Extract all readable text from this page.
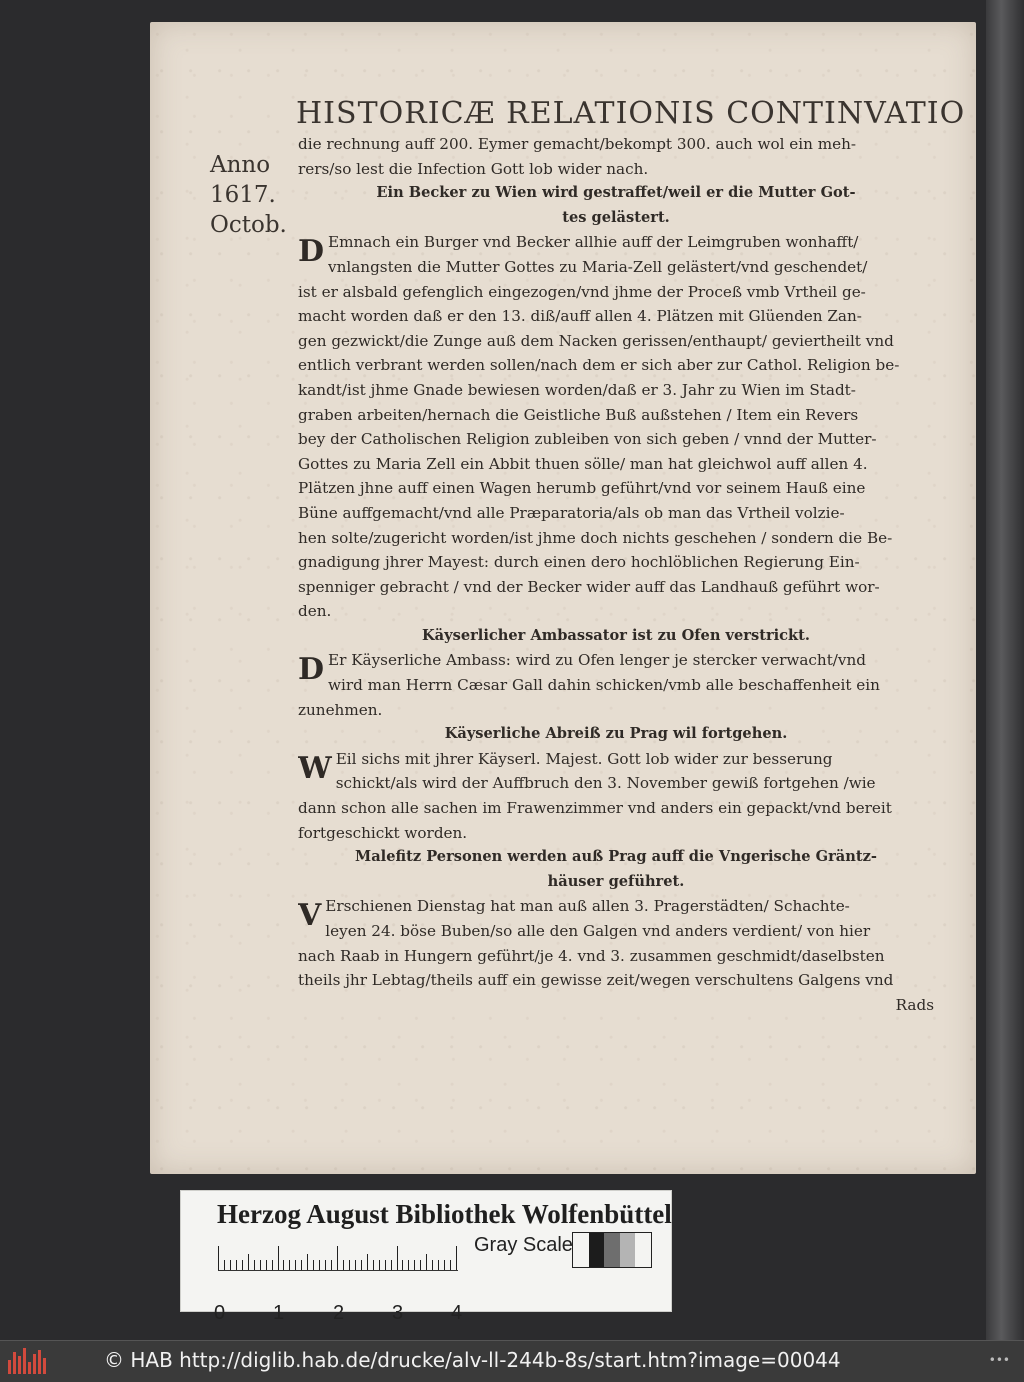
HISTORICÆ RELATIONIS CONTINVATIO
Anno
1617.
Octob.
die rechnung auff 200. Eymer gemacht/bekompt 300. auch wol ein meh-
rers/so lest die Infection Gott lob wider nach.
Ein Becker zu Wien wird gestraffet/weil er die Mutter Got-
tes gelästert.
D Emnach ein Burger vnd Becker allhie auff der Leimgruben wonhafft/
vnlangsten die Mutter Gottes zu Maria-Zell gelästert/vnd geschendet/
ist er alsbald gefenglich eingezogen/vnd jhme der Proceß vmb Vrtheil ge-
macht worden daß er den 13. diß/auff allen 4. Plätzen mit Glüenden Zan-
gen gezwickt/die Zunge auß dem Nacken gerissen/enthaupt/ geviertheilt vnd
entlich verbrant werden sollen/nach dem er sich aber zur Cathol. Religion be-
kandt/ist jhme Gnade bewiesen worden/daß er 3. Jahr zu Wien im Stadt-
graben arbeiten/hernach die Geistliche Buß außstehen / Item ein Revers
bey der Catholischen Religion zubleiben von sich geben / vnnd der Mutter-
Gottes zu Maria Zell ein Abbit thuen sölle/ man hat gleichwol auff allen 4.
Plätzen jhne auff einen Wagen herumb geführt/vnd vor seinem Hauß eine
Büne auffgemacht/vnd alle Præparatoria/als ob man das Vrtheil volzie-
hen solte/zugericht worden/ist jhme doch nichts geschehen / sondern die Be-
gnadigung jhrer Mayest: durch einen dero hochlöblichen Regierung Ein-
spenniger gebracht / vnd der Becker wider auff das Landhauß geführt wor-
den.
Käyserlicher Ambassator ist zu Ofen verstrickt.
D Er Käyserliche Ambass: wird zu Ofen lenger je stercker verwacht/vnd
wird man Herrn Cæsar Gall dahin schicken/vmb alle beschaffenheit ein
zunehmen.
Käyserliche Abreiß zu Prag wil fortgehen.
W Eil sichs mit jhrer Käyserl. Majest. Gott lob wider zur besserung
schickt/als wird der Auffbruch den 3. November gewiß fortgehen /wie
dann schon alle sachen im Frawenzimmer vnd anders ein gepackt/vnd bereit
fortgeschickt worden.
Malefitz Personen werden auß Prag auff die Vngerische Gräntz-
häuser geführet.
V Erschienen Dienstag hat man auß allen 3. Pragerstädten/ Schachte-
leyen 24. böse Buben/so alle den Galgen vnd anders verdient/ von hier
nach Raab in Hungern geführt/je 4. vnd 3. zusammen geschmidt/daselbsten
theils jhr Lebtag/theils auff ein gewisse zeit/wegen verschultens Galgens vnd
Rads
Herzog August Bibliothek Wolfenbüttel
0 1 2 3 4
Gray Scale
© HAB http://diglib.hab.de/drucke/alv-ll-244b-8s/start.htm?image=00044	•••
